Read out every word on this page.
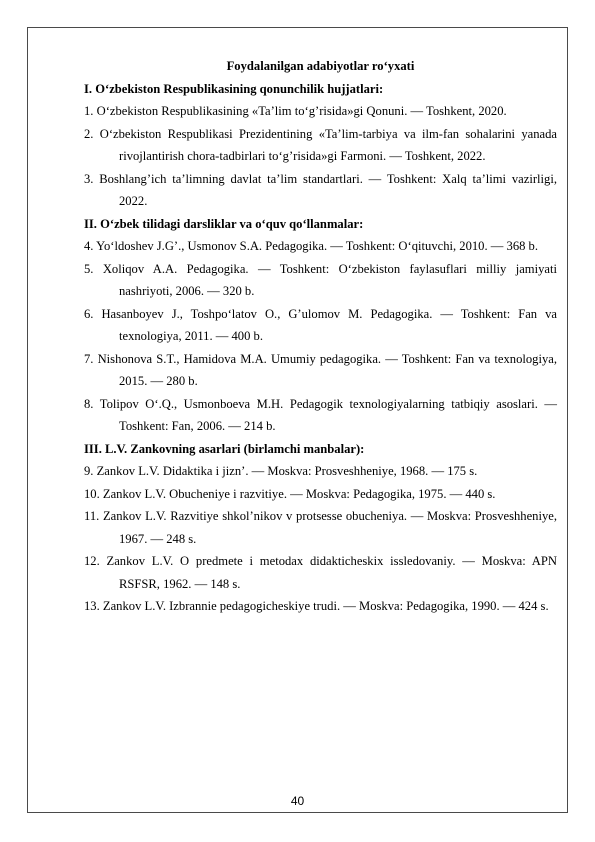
Foydalanilgan adabiyotlar ro‘yxati
I. O‘zbekiston Respublikasining qonunchilik hujjatlari:
1. O‘zbekiston Respublikasining «Ta’lim to‘g’risida»gi Qonuni. — Toshkent, 2020.
2. O‘zbekiston Respublikasi Prezidentining «Ta’lim-tarbiya va ilm-fan sohalarini yanada rivojlantirish chora-tadbirlari to‘g’risida»gi Farmoni. — Toshkent, 2022.
3. Boshlang’ich ta’limning davlat ta’lim standartlari. — Toshkent: Xalq ta’limi vazirligi, 2022.
II. O‘zbek tilidagi darsliklar va o‘quv qo‘llanmalar:
4. Yo‘ldoshev J.G’., Usmonov S.A. Pedagogika. — Toshkent: O‘qituvchi, 2010. — 368 b.
5. Xoliqov A.A. Pedagogika. — Toshkent: O‘zbekiston faylasuflari milliy jamiyati nashriyoti, 2006. — 320 b.
6. Hasanboyev J., Toshpo‘latov O., G’ulomov M. Pedagogika. — Toshkent: Fan va texnologiya, 2011. — 400 b.
7. Nishonova S.T., Hamidova M.A. Umumiy pedagogika. — Toshkent: Fan va texnologiya, 2015. — 280 b.
8. Tolipov O‘.Q., Usmonboeva M.H. Pedagogik texnologiyalarning tatbiqiy asoslari. — Toshkent: Fan, 2006. — 214 b.
III. L.V. Zankovning asarlari (birlamchi manbalar):
9. Zankov L.V. Didaktika i jizn’. — Moskva: Prosveshheniye, 1968. — 175 s.
10. Zankov L.V. Obucheniye i razvitiye. — Moskva: Pedagogika, 1975. — 440 s.
11. Zankov L.V. Razvitiye shkol’nikov v protsesse obucheniya. — Moskva: Prosveshheniye, 1967. — 248 s.
12. Zankov L.V. O predmete i metodax didakticheskix issledovaniy. — Moskva: APN RSFSR, 1962. — 148 s.
13. Zankov L.V. Izbrannie pedagogicheskiye trudi. — Moskva: Pedagogika, 1990. — 424 s.
40
